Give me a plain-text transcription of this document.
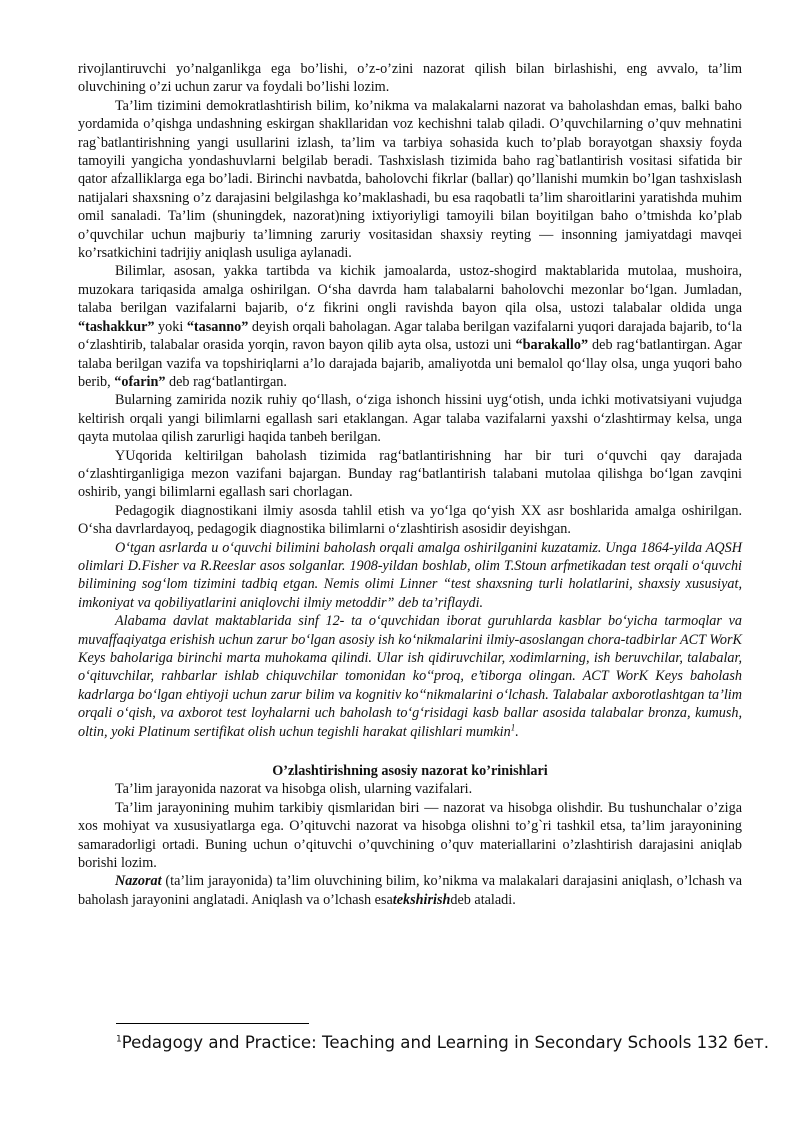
rivojlantiruvchi yo’nalganlikga ega bo’lishi, o’z-o’zini nazorat qilish bilan birlashishi, eng avvalo, ta’lim oluvchining o’zi uchun zarur va foydali bo’lishi lozim.

Ta’lim tizimini demokratlashtirish bilim, ko’nikma va malakalarni nazorat va baholashdan emas, balki baho yordamida o’qishga undashning eskirgan shakllaridan voz kechishni talab qiladi. O’quvchilarning o’quv mehnatini rag`batlantirishning yangi usullarini izlash, ta’lim va tarbiya sohasida kuch to’plab borayotgan shaxsiy foyda tamoyili yangicha yondashuvlarni belgilab beradi. Tashxislash tizimida baho rag`batlantirish vositasi sifatida bir qator afzalliklarga ega bo’ladi. Birinchi navbatda, baholovchi fikrlar (ballar) qo’llanishi mumkin bo’lgan tashxislash natijalari shaxsning o’z darajasini belgilashga ko’maklashadi, bu esa raqobatli ta’lim sharoitlarini yaratishda muhim omil sanaladi. Ta’lim (shuningdek, nazorat)ning ixtiyoriyligi tamoyili bilan boyitilgan baho o’tmishda ko’plab o’quvchilar uchun majburiy ta’limning zaruriy vositasidan shaxsiy reyting — insonning jamiyatdagi mavqei ko’rsatkichini tadrijiy aniqlash usuliga aylanadi.

Bilimlar, asosan, yakka tartibda va kichik jamoalarda, ustoz-shogird maktablarida mutolaa, mushoira, muzokara tariqasida amalga oshirilgan. O‘sha davrda ham talabalarni baholovchi mezonlar bo‘lgan. Jumladan, talaba berilgan vazifalarni bajarib, o‘z fikrini ongli ravishda bayon qila olsa, ustozi talabalar oldida unga “tashakkur” yoki “tasanno” deyish orqali baholagan. Agar talaba berilgan vazifalarni yuqori darajada bajarib, to‘la o‘zlashtirib, talabalar orasida yorqin, ravon bayon qilib ayta olsa, ustozi uni “barakallo” deb rag‘batlantirgan. Agar talaba berilgan vazifa va topshiriqlarni a’lo darajada bajarib, amaliyotda uni bemalol qo‘llay olsa, unga yuqori baho berib, “ofarin” deb rag‘batlantirgan.

Bularning zamirida nozik ruhiy qo‘llash, o‘ziga ishonch hissini uyg‘otish, unda ichki motivatsiyani vujudga keltirish orqali yangi bilimlarni egallash sari etaklangan. Agar talaba vazifalarni yaxshi o‘zlashtirmay kelsa, unga qayta mutolaa qilish zarurligi haqida tanbeh berilgan.

YUqorida keltirilgan baholash tizimida rag‘batlantirishning har bir turi o‘quvchi qay darajada o‘zlashtirganligiga mezon vazifani bajargan. Bunday rag‘batlantirish talabani mutolaa qilishga bo‘lgan zavqini oshirib, yangi bilimlarni egallash sari chorlagan.

Pedagogik diagnostikani ilmiy asosda tahlil etish va yo‘lga qo‘yish XX asr boshlarida amalga oshirilgan. O‘sha davrlardayoq, pedagogik diagnostika bilimlarni o‘zlashtirish asosidir deyishgan.

O‘tgan asrlarda u o‘quvchi bilimini baholash orqali amalga oshirilganini kuzatamiz. Unga 1864-yilda AQSH olimlari D.Fisher va R.Reeslar asos solganlar. 1908-yildan boshlab, olim T.Stoun arfmetikadan test orqali o‘quvchi bilimining sog‘lom tizimini tadbiq etgan. Nemis olimi Linner “test shaxsning turli holatlarini, shaxsiy xususiyat, imkoniyat va qobiliyatlarini aniqlovchi ilmiy metoddir” deb ta’riflaydi.

Alabama davlat maktablarida sinf 12- ta o‘quvchidan iborat guruhlarda kasblar bo‘yicha tarmoqlar va muvaffaqiyatga erishish uchun zarur bo‘lgan asosiy ish ko‘nikmalarini ilmiy-asoslangan chora-tadbirlar ACT WorK Keys baholariga birinchi marta muhokama qilindi. Ular ish qidiruvchilar, xodimlarning, ish beruvchilar, talabalar, o‘qituvchilar, rahbarlar ishlab chiquvchilar tomonidan ko‘‘proq, e’tiborga olingan. ACT WorK Keys baholash kadrlarga bo‘lgan ehtiyoji uchun zarur bilim va kognitiv ko‘‘nikmalarini o‘lchash. Talabalar axborotlashtgan ta’lim orqali o‘qish, va axborot test loyhalarni uch baholash to‘g‘risidagi kasb ballar asosida talabalar bronza, kumush, oltin, yoki Platinum sertifikat olish uchun tegishli harakat qilishlari mumkin$^1$.

O’zlashtirishning asosiy nazorat ko’rinishlari

Ta’lim jarayonida nazorat va hisobga olish, ularning vazifalari.

Ta’lim jarayonining muhim tarkibiy qismlaridan biri — nazorat va hisobga olishdir. Bu tushunchalar o’ziga xos mohiyat va xususiyatlarga ega. O’qituvchi nazorat va hisobga olishni to’g`ri tashkil etsa, ta’lim jarayonining samaradorligi ortadi. Buning uchun o’qituvchi o’quvchining o’quv materiallarini o’zlashtirish darajasini aniqlab borishi lozim.

Nazorat (ta’lim jarayonida) ta’lim oluvchining bilim, ko’nikma va malakalari darajasini aniqlash, o’lchash va baholash jarayonini anglatadi. Aniqlash va o’lchash esatekshirishdeb ataladi.

$^1$Pedagogy and Practice: Teaching and Learning in Secondary Schools 132 бет.
